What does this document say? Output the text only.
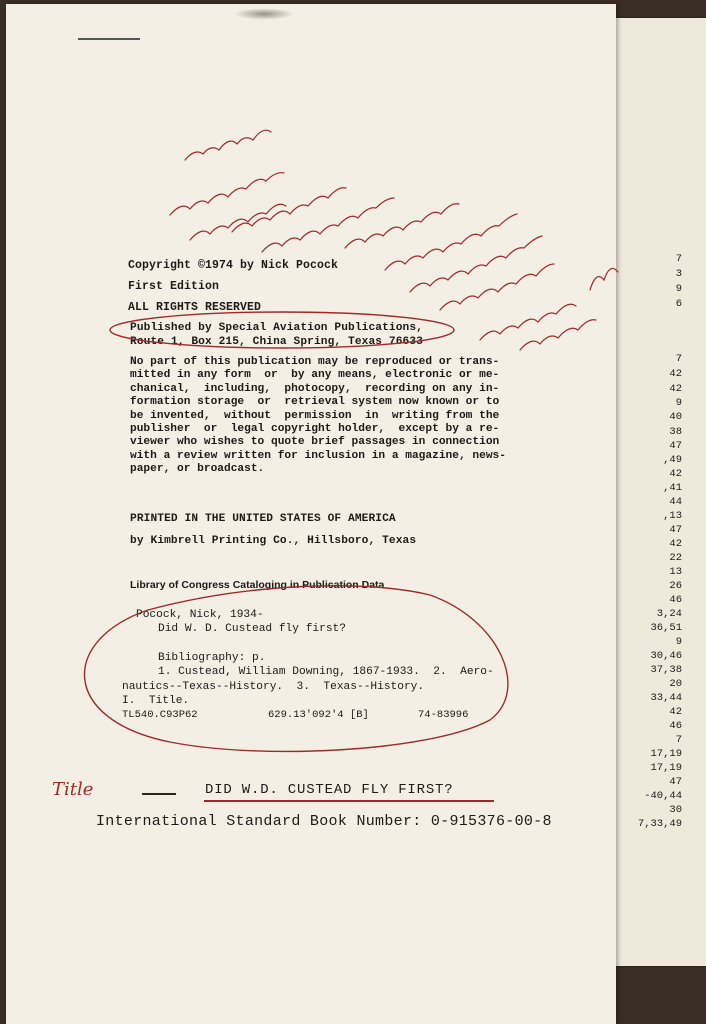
7
3
9
6
7
42
42
9
40
38
47
,49
42
,41
44
,13
47
42
22
13
26
46
3,24
36,51
9
30,46
37,38
20
33,44
42
46
7
17,19
17,19
47
-40,44
30
7,33,49
Copyright ©1974 by Nick Pocock
First Edition
ALL RIGHTS RESERVED
Published by Special Aviation Publications,
Route 1, Box 215, China Spring, Texas 76633
No part of this publication may be reproduced or trans-
mitted in any form  or  by any means, electronic or me-
chanical,  including,  photocopy,  recording on any in-
formation storage  or  retrieval system now known or to
be invented,  without  permission  in  writing from the
publisher  or  legal copyright holder,  except by a re-
viewer who wishes to quote brief passages in connection
with a review written for inclusion in a magazine, news-
paper, or broadcast.
PRINTED IN THE UNITED STATES OF AMERICA
by Kimbrell Printing Co., Hillsboro, Texas
Library of Congress Cataloging in Publication Data
Pocock, Nick, 1934-
Did W. D. Custead fly first?
Bibliography: p.
1. Custead, William Downing, 1867-1933.  2.  Aero-
nautics--Texas--History.  3.  Texas--History.
I.  Title.
TL540.C93P62	629.13'092'4 [B]	74-83996
Title	DID W.D. CUSTEAD FLY FIRST?
International Standard Book Number: 0-915376-00-8
